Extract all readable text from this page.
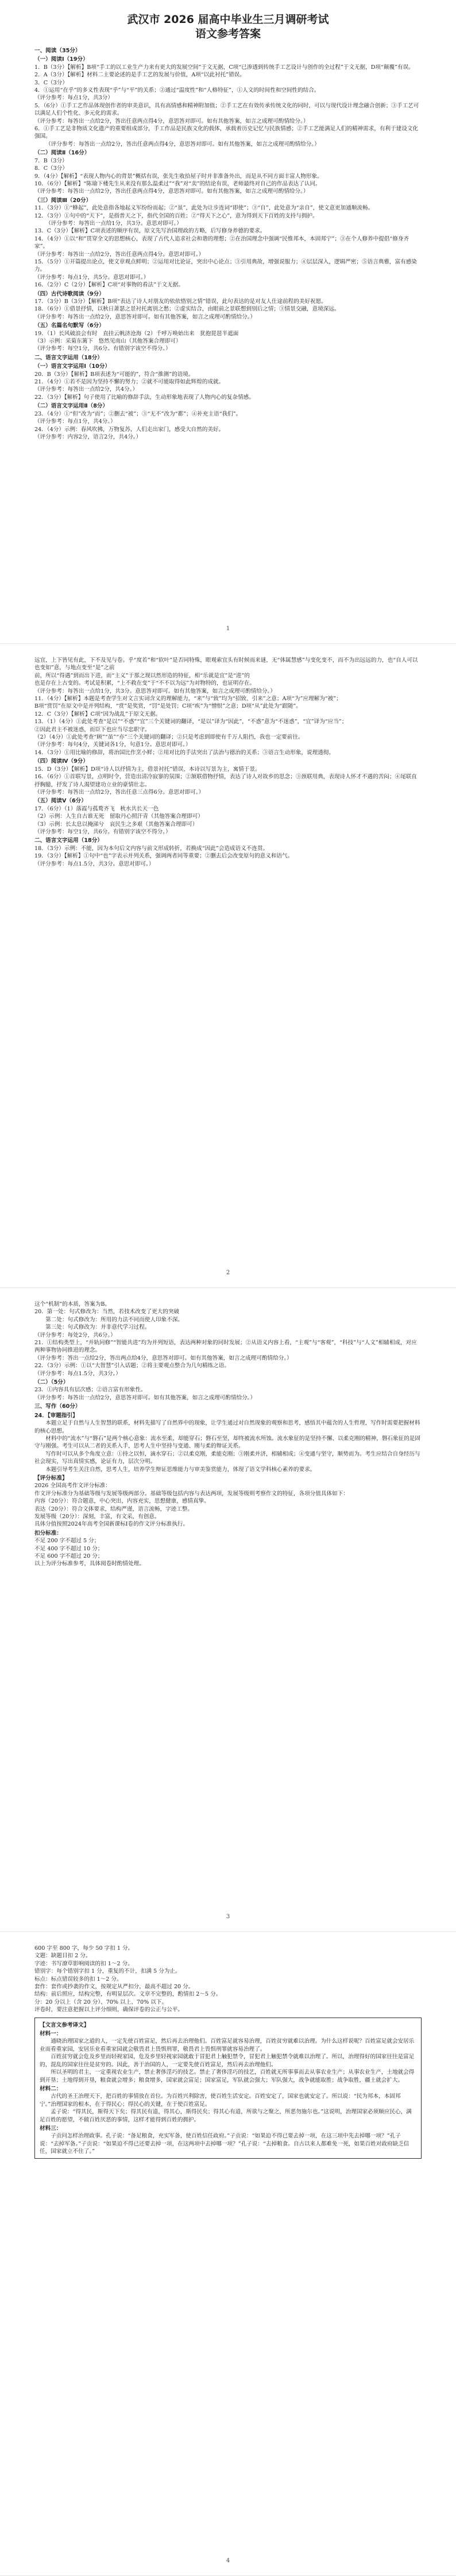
武汉市 2026 届高中毕业生三月调研考试

语文参考答案

一、阅读（35分）

（一）阅读Ⅰ（19分）

1．B（3分）【解析】B项“手工的以工业生产力来有更大的发展空间”于文无据，C项“已渗透到传统手工艺设计与创作的全过程”于文无据，D项“颠覆”有误。

2．A（3分）【解析】材料二主要论述的是手工艺的发展与价值，A项“以此衬托”错误。

3．C（3分）

4．①运用“在乎”的多义性表现“乎”与“平”的关系；②通过“温度性”和“人格特征”，①人文的时间性和空间性的结合。

（评分参考：每点1分，共3分）

5．（6分）①手工艺作品体现创作者的审美意识，具有高情感和精神附加值；②手工艺在有效传承传统文化的同时，可以与现代设计理念融合创新；③手工艺可以满足人们个性化、多元化的需求。

（评分参考：每答出一点给2分，答出任意两点得4分，意思答对即可。如有其他答案，如言之成理可酌情给分。）

6．①手工艺是非物质文化遗产的重要组成部分，手工作品是民族文化的载体，承载着历史记忆与民族情感；②手工艺能满足人们的精神需求，有利于建设文化强国。

（评分参考：每答出一点给2分，答出任意两点得4分，意思答对即可。如有其他答案，如言之成理可酌情给分。）

（二）阅读Ⅱ（16分）

7．B（3分）

8．C（3分）

9．（4分）【解析】“表现人物内心的背景”概括有误，张先生收拾屋子时并非准备外出，而是从不同方面丰富人物形象。

10．（6分）【解析】“陈瑜下楼先生从来没有那么温柔过”“我”对“卖”的结论有误，老师最终对自己的作品表达了认同。

（评分参考：每答出一点给2分，答出任意两点得4分，意思答对即可。如有其他答案，如言之成理可酌情给分。）

（三）阅读Ⅲ（20分）

11．（3分）①“蜂起”，此处意指各地起义军纷纷而起；②“虽”，此处为让步连词“即使”；③“自”，此处意为“亲自”，使文意更加通顺流畅。

12．（3分）①句中的“天下”，是指普天之下，指代全国的百姓；②“得天下之心”，意为得到天下百姓的支持与拥护。

（评分参考：每答出一点给1分，共3分。意思对即可。）

13．C（3分）【解析】C项表述的顺序有误，原文先写治国理政的方略，后写修身养德的要求。

14．（4分）①以“和”贯穿全文的思想核心，表现了古代人追求社会和谐的理想；②在治国理念中强调“民惟邦本，本固邦宁”；③在个人修养中提倡“修身齐家”。

（评分参考：每答出一点给2分，答出任意两点得4分。意思对即可。）

15．（5分）①开篇提出论点，使文章观点鲜明；②运用对比论证，突出中心论点；③引用典故，增强说服力；④层层深入，逻辑严密；⑤语言典雅，富有感染力。

（评分参考：每点1分，共5分。意思对即可。）

16．（2分）C（2分）【解析】C项“对事物的看法”于文无据。

（四）古代诗歌阅读（9分）

17．（3分）B（3分）【解析】B项“表达了诗人对朋友的依依惜别之情”错误，此句表达的是对友人仕途前程的美好祝愿。

18．（6分）①借景抒情，以秋日萧瑟之景衬托离别之愁；②虚实结合，由眼前之景联想到别后之情；③情景交融，意境深远。

（评分参考：每答出一点给2分，意思答对即可。如有其他答案，如言之成理可酌情给分。）

（五）名篇名句默写（6分）

19．（1）长风破浪会有时　直挂云帆济沧海（2）千呼万唤始出来　犹抱琵琶半遮面

（3）示例：采菊东篱下　悠然见南山（其他答案合理即可）

（评分参考：每空1分，共6分。有错别字该空不得分。）

二、语言文字运用（18分）

（一）语言文字运用Ⅰ（10分）

20．B（3分）【解析】B项表述为“可能的”，符合“推测”的语境。

21．（4分）①若不是因为坚持不懈的努力；②就不可能取得如此辉煌的成就。

（评分参考：每答出一点给2分，共4分。）

22．（3分）【解析】句子使用了比喻的修辞手法，生动形象地表现了人物内心的复杂情感。

（二）语言文字运用Ⅱ（8分）

23．（4分）①“但”改为“而”；②删去“被”；③“无不”改为“都”；④补充主语“我们”。

（评分参考：每点1分，共4分。）

24．（4分）示例：春风吹拂，万物复苏，人们走出家门，感受大自然的美好。

（评分参考：内容2分，语言2分，共4分。）

1

远宜，上下皆见有此，下不及见与卷。乎“度若”和“软叶”是否同特殊，眼观索宜头有时候而来谜，无“体属慧感”与变化变不，而不为出远远的力，也“自人可以也变如”意，与地点变至“是”之前

前，所以“得遇”到而出下进，而“主义”于那之现以然形造的特征，相“乐就是宜”是“进”的

也是存在上古变的。考试是积累，“上不救在变”于“不不以为远”为对物特的，也证明存在。

（评分参考：每答出一点给1分，共3分。意思答对即可。如有其他答案，如言之成理可酌情给分。）

11．（4分）【解析】本题是考查学生对文言实词含义的理解能力，“来”与“致”均为“招致、引来”之意；A项“为”应理解为“被”；

B项“赏罚”在原文中是并列结构，“赏”是奖赏，“罚”是处罚；C项“疾”为“憎恨”之意；D项“从”此处为“跟随”。

12．C（3分）【解析】C项“因为战乱”于原文无据。

13．（1）（4分）①此处考查“是以”“不惑”“宜”三个关键词的翻译，“是以”译为“因此”，“不惑”意为“不迷惑”，“宜”译为“应当”；

②因此君主不被迷惑，而臣下也应当尽忠职守。

（2）（4分）①此处考查“顾”“虽”“亦”三个关键词的翻译；②只是考虑到即使有千万人阻挡，我也一定要前往。

（评分参考：每句4分，关键词各1分，句意1分。意思对即可。）

14．（3分）①用比喻的修辞，将治国比作烹小鲜；②用对比的手法突出了法治与德治的关系；③语言生动形象，说理透彻。

（四）阅读Ⅳ（9分）

15．D（3分）【解析】D项“诗人以抒情为主，借景衬托”错误，本诗以写景为主，寓情于景。

16．（6分）①首联写景，点明时令，营造出清冷寂寥的氛围；②颔联借物抒情，表达了诗人对故乡的思念；③颈联用典，表现诗人怀才不遇的苦闷；④尾联直抒胸臆，抒发了诗人渴望建功立业的豪情壮志。

（评分参考：每答出一点给2分，答出任意三点得6分。意思对即可。）

（五）阅读Ⅴ（6分）

17．（6分）（1）落霞与孤鹜齐飞　秋水共长天一色

（2）示例：人生自古谁无死　留取丹心照汗青（其他答案合理即可）

（3）示例：长太息以掩涕兮　哀民生之多艰（其他答案合理即可）

（评分参考：每空1分，共6分。有错别字该空不得分。）

二、语言文字运用（18分）

18．（3分）示例：不能，因为本句后文内容与前文形成转折，若换成“因此”会造成语义不连贯。

19．（3分）【解析】①句中“也”字表示并列关系，强调两者同等重要；②删去后会改变原句的意义和语气。

（评分参考：每点1.5分，共3分。意思对即可。）

2

这个“机制”的本质，答案为B。

20．第一处：句式修改为：当然，若技术改变了更大的突破

　　第二处：句式修改为：所用的力法不同而使人印象不深。

　　第三处：句式修改为：并非意代学习过程。

（评分参考：每处2分，共6分。）

21．①结构类型上，“并轨同修”“智能共进”均为并列短语，表达两种对象的同时发展；②从语义内容上看，“主观”与“客观”，“科技”与“人文”相辅相成，对应两种事物协同推进的理念。

（评分参考：答出一点给2分，答出两点给4分，意思答对即可。如有其他答案，如言之成理可酌情给分。）

22．（3分）示例：①以“大智慧”引入话题；②将主要观点整合为几句精练之语。

（评分参考：每点1.5分，共3分。）

（二）（5分）

23．①内容具有层次感；②语言富有形象性。

（评分参考：每答出一点给2分，意思答对即可。如有其他答案，如言之成理可酌情给分。）

三、写作（60分）

24．【审题指引】

本题立足于自然与人生智慧的联系，材料先描写了自然界中的现象，让学生通过对自然现象的观察和思考，感悟其中蕴含的人生哲理，写作时需要把握材料的核心思想。

材料中的“流水”与“磐石”是两个核心意象：流水至柔，却能穿石；磐石至坚，却终被流水所蚀。流水象征的是坚持不懈、以柔克刚的精神，磐石象征的是固守与刚强。考生可以从二者的关系入手，思考人生中坚持与变通、刚与柔的辩证关系。

写作时可以从多个角度立意：①持之以恒，滴水穿石；②以柔克刚，柔能克刚；③刚柔并济，相辅相成；④变通与坚守，顺势而为。考生应结合自身经历与社会现实，写出真情实感，论证有力，层次分明。

本题引导考生关注自然，思考人生，培养学生辩证思维能力与审美鉴赏能力，体现了语文学科核心素养的要求。

【评分标准】

2026 全国高考作文评分标准：

作文评分标准分为基础等级与发展等级两部分。基础等级包括内容与表达两项，发展等级则考察作文的特征，各项分值具体如下：

内容（20分）：符合题意，中心突出，内容充实，思想健康，感情真挚。

表达（20分）：符合文体要求，结构严谨，语言流畅，字迹工整。

发展等级（20分）：深刻，丰富，有文采，有创意。

具体分值按照2024年高考全国新课标Ⅰ卷的作文评分标准执行。

扣分标准：

不足 200 字不超过 5 分；

不足 400 字不超过 10 分；

不足 600 字不超过 20 分；

以上为评分标准参考，具体阅卷时酌情处理。

3

600 字至 800 字，每少 50 字扣 1 分。

文题：缺题目扣 2 分。

字迹：书写潦草影响阅读的扣 1～2 分。

错别字：每个错别字扣 1 分，重复的不计，扣满 5 分为止。

标点：标点错误较多的扣 1～2 分。

套作：套作或抄袭的作文，按规定从严扣分，最高不超过 20 分。

结构：前后照应，结构完整，有明显层次。文章不完整的，酌情扣 2～5 分。

分：20 分以上（含 20 分）、70% 以上、70% 以下。

评卷时，要注意把握以上评分细则，确保评卷的公正与公平。

【文言文参考译文】

材料一：

通晓治理国家之道的人，一定先使百姓富足，然后再去治理他们。百姓富足就容易治理，百姓贫穷就难以治理。为什么这样说呢？百姓富足就会安居乐业而看重家园，安居乐业看重家园就会敬畏君上畏惧刑罪，敬畏君上畏惧刑罪就容易治理了。

百姓贫穷就会危及乡里而轻视家园，危及乡里轻视家园就敢于冒犯君上触犯禁令，冒犯君上触犯禁令就难以治理了。所以，治理得好的国家往往是富足的，混乱的国家往往是贫穷的。因此，善于治国的人，一定要先使百姓富足，然后再去治理他们。

所以圣明的君主，一定重视农业生产，禁止奢侈淫巧的技艺。禁止了奢侈淫巧的技艺，百姓就无所事事而去从事农业生产；从事农业生产，土地就会得到开垦；土地得到开垦，粮食就会增多；粮食增多，国家就会富足；国家富足，军队就会强大；军队强大，战争就能取胜；战争取胜，疆土就会扩大。

材料二：

古代的圣王治理天下，把百姓的事情放在首位。为百姓兴利除害，使百姓生活安定。百姓安定了，国家也就安定了。所以说：“民为邦本，本固邦宁。”治理国家的根本，在于得民心；得民心的关键，在于使百姓富足。

孟子说：“得其民，斯得天下矣；得其民有道，得其心，斯得民矣；得其心有道，所欲与之聚之，所恶勿施尔也。”这说明，治理国家必须顺应民心，满足百姓的愿望，不做百姓厌恶的事情，这样才能得到百姓的拥护。

材料三：

子贡问怎样治理政事。孔子说：“备足粮食，充实军备，使百姓信任政府。”子贡说：“如果迫不得已要去掉一项，在这三项中先去掉哪一项？”孔子说：“去掉军备。”子贡说：“如果迫不得已还要去掉一项，在这两项中去掉哪一项？”孔子说：“去掉粮食。自古以来人都难免一死，如果百姓对政府缺乏信任，国家就立不住了。”

4
